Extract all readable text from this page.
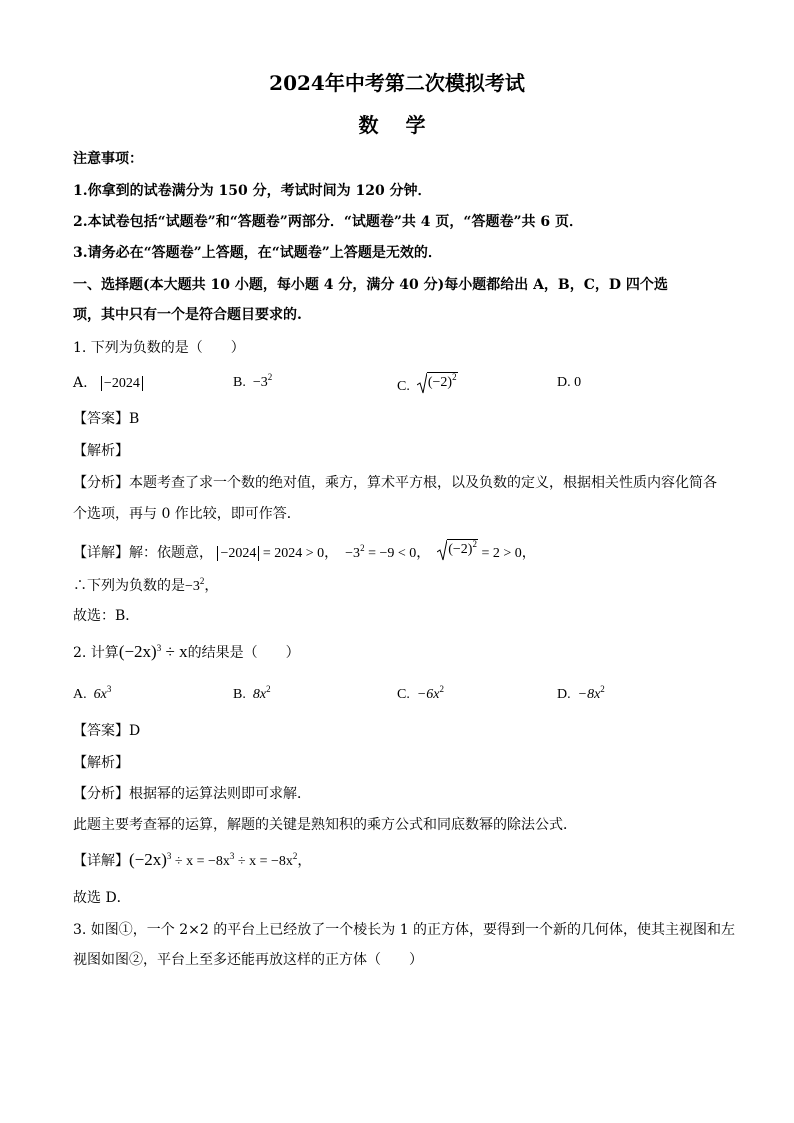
2024年中考第二次模拟考试
数 学
注意事项：
1.你拿到的试卷满分为 150 分，考试时间为 120 分钟．
2.本试卷包括“试题卷”和“答题卷”两部分．“试题卷”共 4 页，“答题卷”共 6 页．
3.请务必在“答题卷”上答题，在“试题卷”上答题是无效的．
一、选择题(本大题共 10 小题，每小题 4 分，满分 40 分)每小题都给出 A，B，C，D 四个选
项，其中只有一个是符合题目要求的.
1. 下列为负数的是（　　）
A. −2024	B. $-3^2$
C. $(-2)^2$	D. 0
【答案】B
【解析】
【分析】本题考查了求一个数的绝对值，乘方，算术平方根，以及负数的定义，根据相关性质内容化简各
个选项，再与 0 作比较，即可作答．
【详解】解：依题意， −2024 = 2024 > 0， $-3^2 = -9 < 0$， $(-2)^2$
= 2 > 0，
∴下列为负数的是$-3^2$，
故选：B．
2. 计算$(-2x)^3 \div x$的结果是（　　）
A. $6x^3$	B. $8x^2$	C. $-6x^2$	D. $-8x^2$
【答案】D
【解析】
【分析】根据幂的运算法则即可求解．
此题主要考查幂的运算，解题的关键是熟知积的乘方公式和同底数幂的除法公式．
【详解】$(-2x)^3 \div x = -8x^3 \div x = -8x^2$，
故选 D．
3. 如图①，一个 2×2 的平台上已经放了一个棱长为 1 的正方体，要得到一个新的几何体，使其主视图和左
视图如图②，平台上至多还能再放这样的正方体（　　）
